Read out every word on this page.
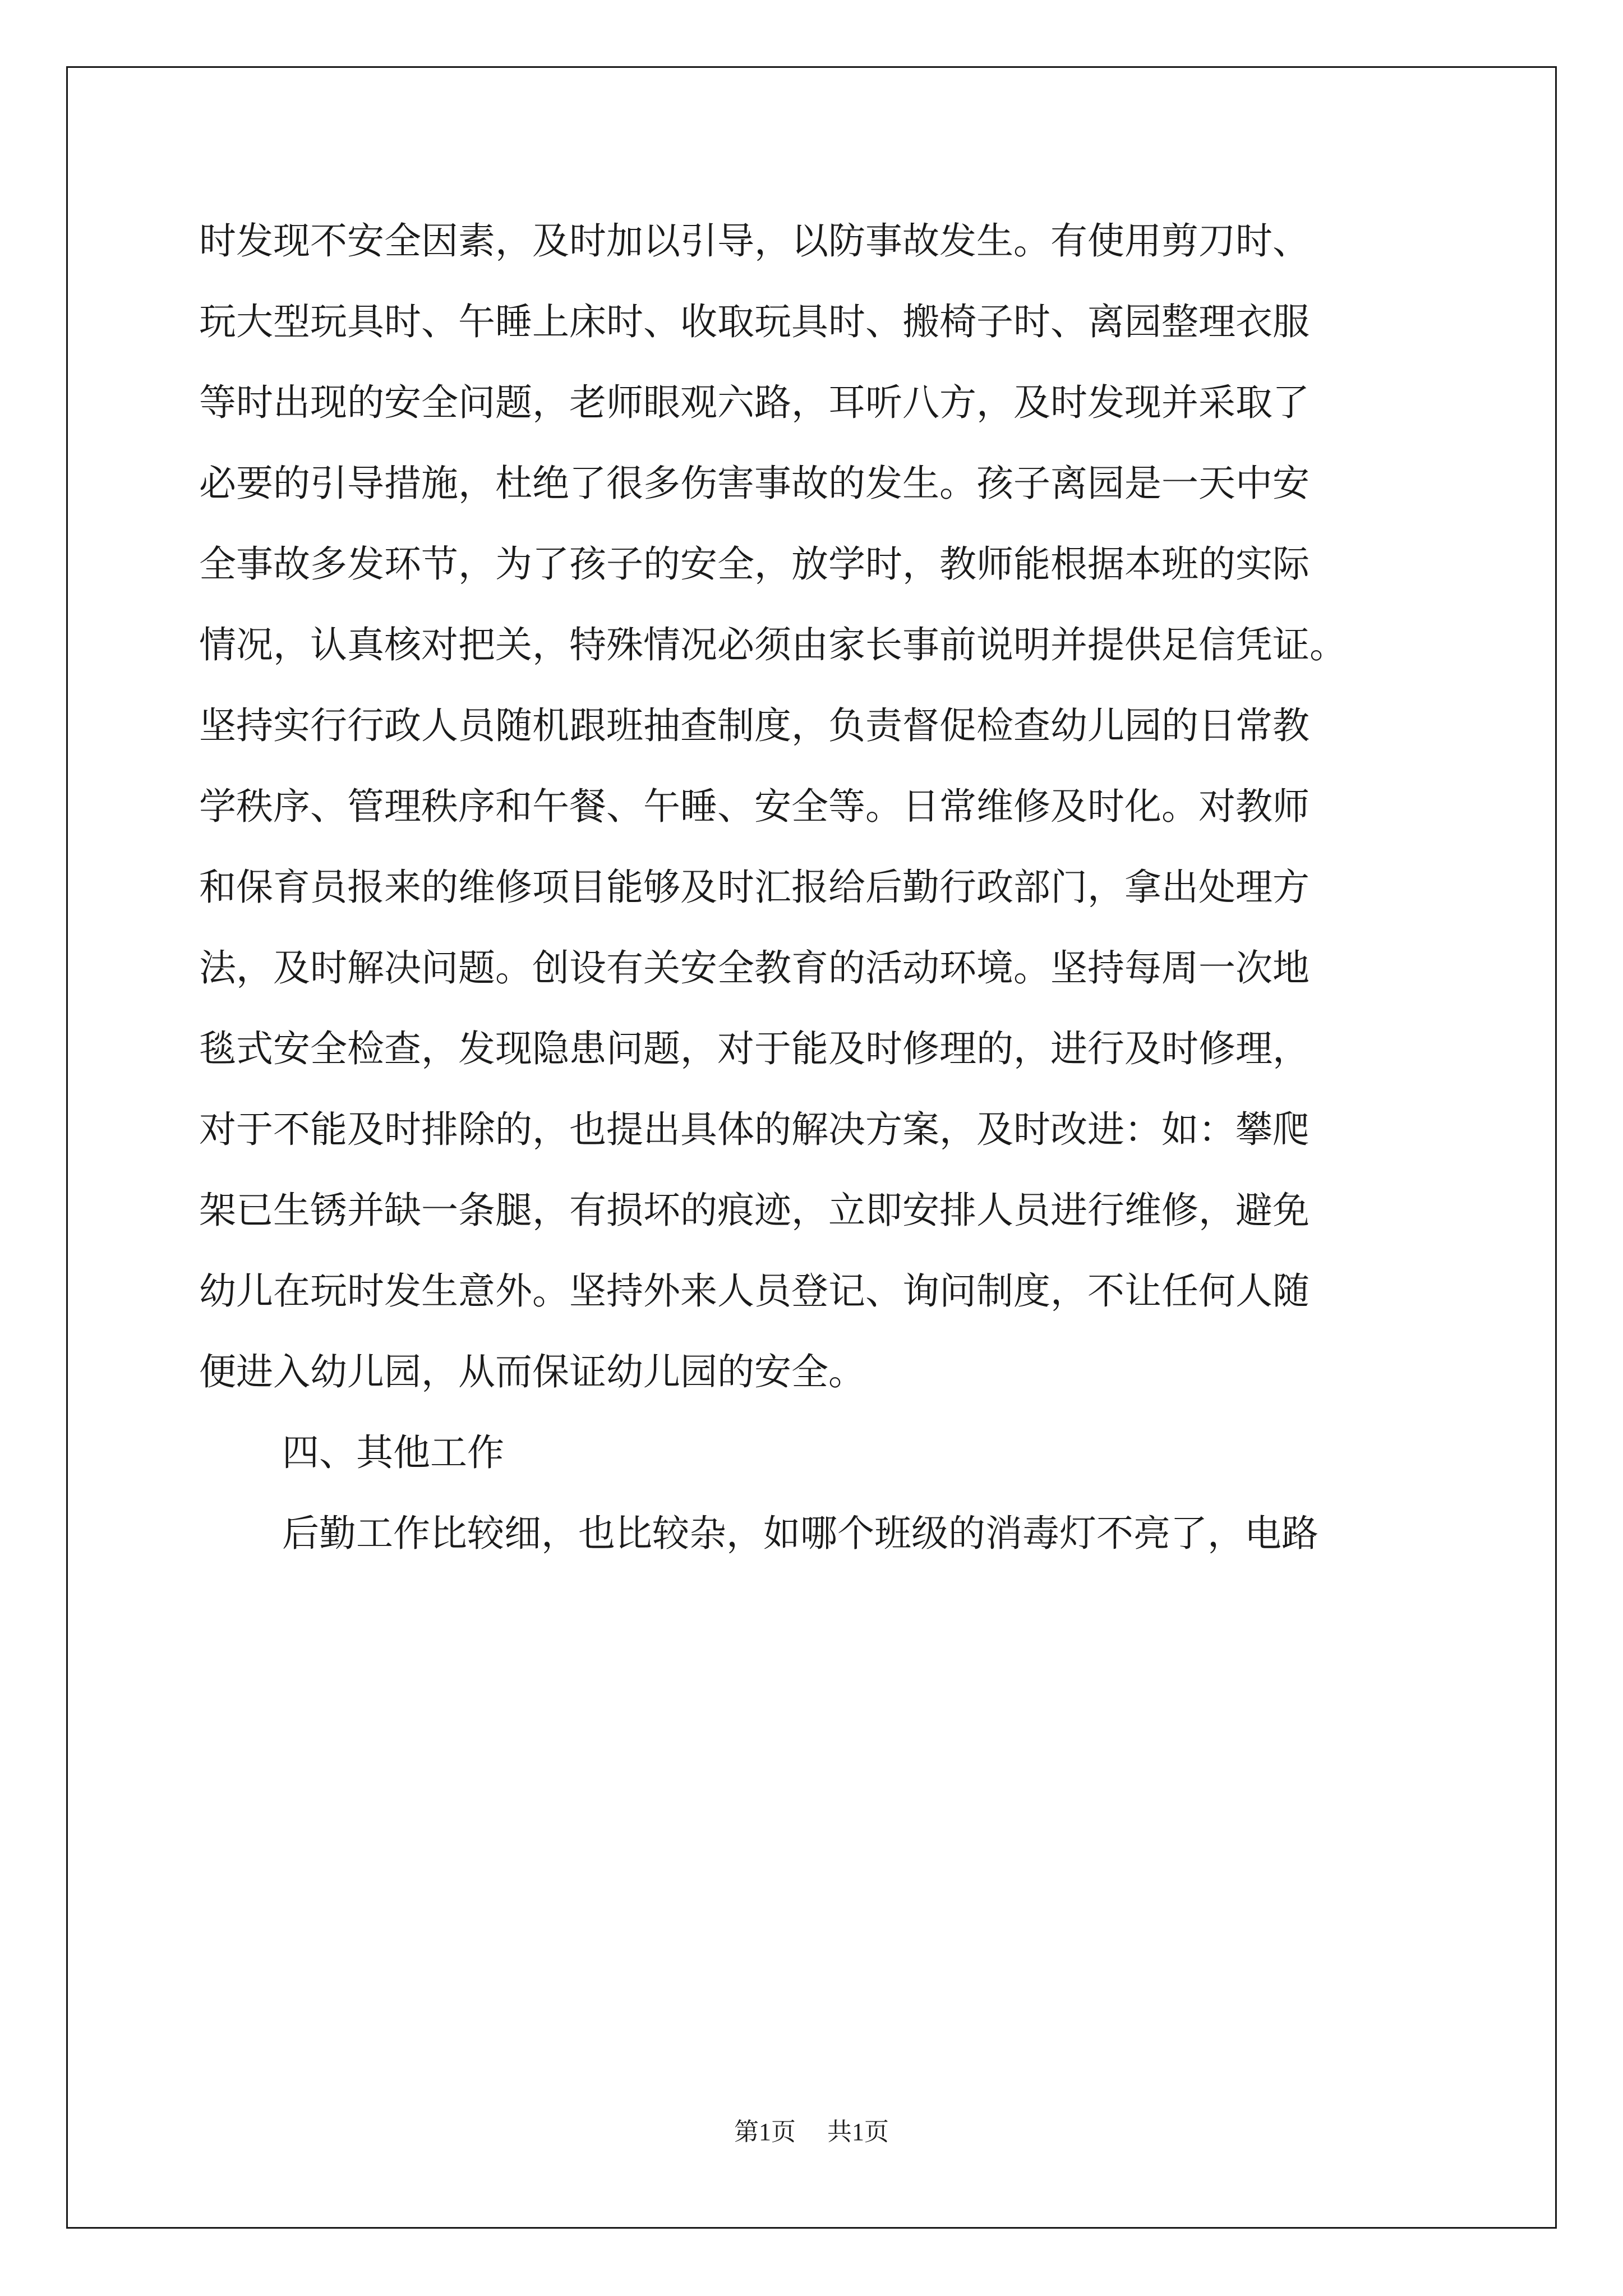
时发现不安全因素，及时加以引导，以防事故发生。有使用剪刀时、
玩大型玩具时、午睡上床时、收取玩具时、搬椅子时、离园整理衣服
等时出现的安全问题，老师眼观六路，耳听八方，及时发现并采取了
必要的引导措施，杜绝了很多伤害事故的发生。孩子离园是一天中安
全事故多发环节，为了孩子的安全，放学时，教师能根据本班的实际
情况，认真核对把关，特殊情况必须由家长事前说明并提供足信凭证。
坚持实行行政人员随机跟班抽查制度，负责督促检查幼儿园的日常教
学秩序、管理秩序和午餐、午睡、安全等。日常维修及时化。对教师
和保育员报来的维修项目能够及时汇报给后勤行政部门，拿出处理方
法，及时解决问题。创设有关安全教育的活动环境。坚持每周一次地
毯式安全检查，发现隐患问题，对于能及时修理的，进行及时修理，
对于不能及时排除的，也提出具体的解决方案，及时改进：如：攀爬
架已生锈并缺一条腿，有损坏的痕迹，立即安排人员进行维修，避免
幼儿在玩时发生意外。坚持外来人员登记、询问制度，不让任何人随
便进入幼儿园，从而保证幼儿园的安全。
四、其他工作
后勤工作比较细，也比较杂，如哪个班级的消毒灯不亮了，电路
第1页 共1页
